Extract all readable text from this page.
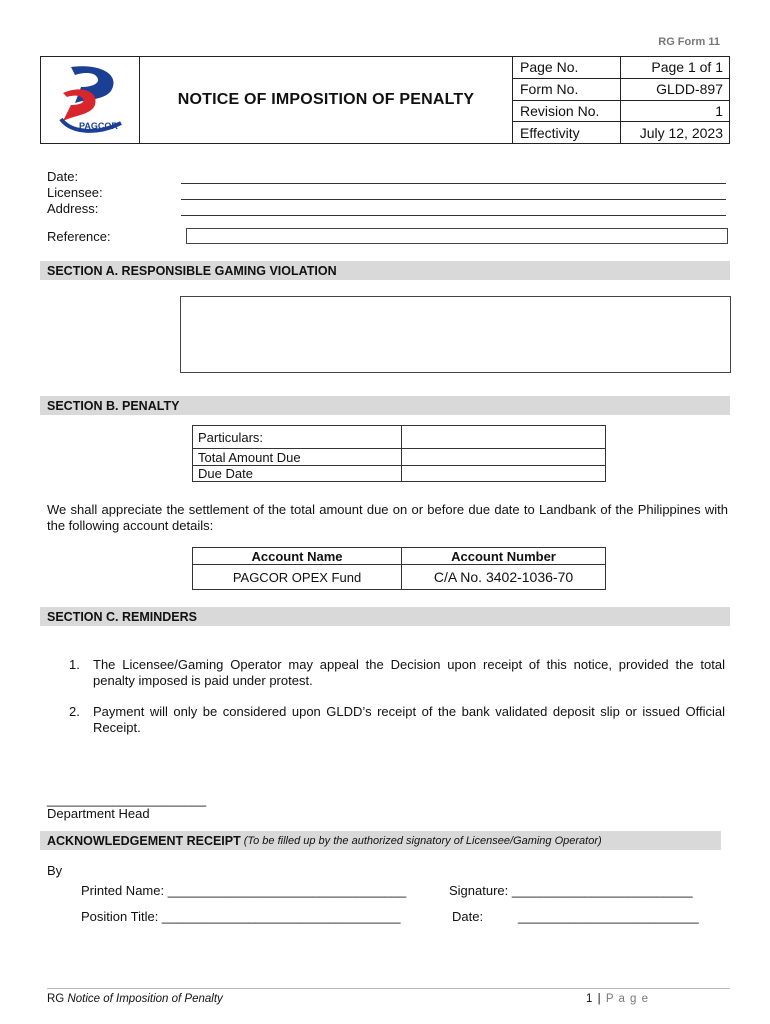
RG Form 11
PAGCOR
NOTICE OF IMPOSITION OF PENALTY
Page No.	Page 1 of 1
Form No.	GLDD-897
Revision No.	1
Effectivity	July 12, 2023
Date:
Licensee:
Address:
Reference:
SECTION A. RESPONSIBLE GAMING VIOLATION
SECTION B. PENALTY
Particulars:	
Total Amount Due	
Due Date	
We shall appreciate the settlement of the total amount due on or before due date to Landbank of the Philippines with the following account details:
Account Name	Account Number
PAGCOR OPEX Fund	C/A No. 3402-1036-70
SECTION C. REMINDERS
1.	The Licensee/Gaming Operator may appeal the Decision upon receipt of this notice, provided the total penalty imposed is paid under protest.
2.	Payment will only be considered upon GLDD’s receipt of the bank validated deposit slip or issued Official Receipt.
______________________
Department Head
ACKNOWLEDGEMENT RECEIPT (To be filled up by the authorized signatory of Licensee/Gaming Operator)
By
Printed Name: _________________________________	Signature: _________________________
Position Title: _________________________________	Date:	_________________________
RG Notice of Imposition of Penalty	1 | P a g e
